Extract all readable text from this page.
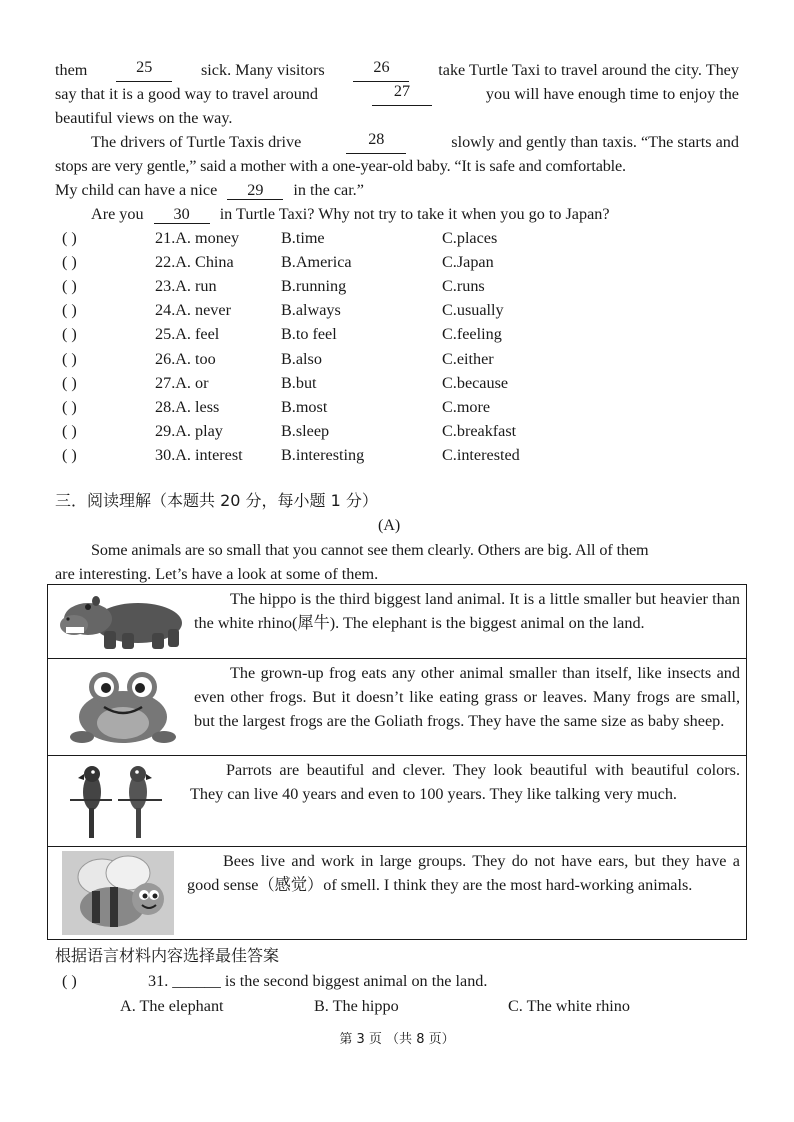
them	25	sick. Many visitors	26	take Turtle Taxi to travel around the city. They
say that it is a good way to travel around	27	you will have enough time to enjoy the
beautiful views on the way.
The drivers of Turtle Taxis drive	28	slowly and gently than taxis. “The starts and
stops are very gentle,” said a mother with a one-year-old baby. “It is safe and comfortable.
My child can have a nice 29 in the car.”
Are you 30 in Turtle Taxi? Why not try to take it when you go to Japan?
( )	21.A. money	B.time	C.places
( )	22.A. China	B.America	C.Japan
( )	23.A. run	B.running	C.runs
( )	24.A. never	B.always	C.usually
( )	25.A. feel	B.to feel	C.feeling
( )	26.A. too	B.also	C.either
( )	27.A. or	B.but	C.because
( )	28.A. less	B.most	C.more
( )	29.A. play	B.sleep	C.breakfast
( )	30.A. interest B.interesting	C.interested
三．阅读理解（本题共 20 分，每小题 1 分）
(A)
Some animals are so small that you cannot see them clearly. Others are big. All of them
are interesting. Let’s have a look at some of them.
The hippo is the third biggest land animal. It is a little smaller but heavier than the white rhino(犀牛). The elephant is the biggest animal on the land.

The grown-up frog eats any other animal smaller than itself, like insects and even other frogs. But it doesn’t like eating grass or leaves. Many frogs are small, but the largest frogs are the Goliath frogs. They have the same size as baby sheep.

Parrots are beautiful and clever. They look beautiful with beautiful colors. They can live 40 years and even to 100 years. They like talking very much.

Bees live and work in large groups. They do not have ears, but they have a good sense（感觉）of smell. I think they are the most hard-working animals.
根据语言材料内容选择最佳答案
( )	31. ______ is the second biggest animal on the land.
A. The elephant	B. The hippo	C. The white rhino
第 3 页 （共 8 页）
